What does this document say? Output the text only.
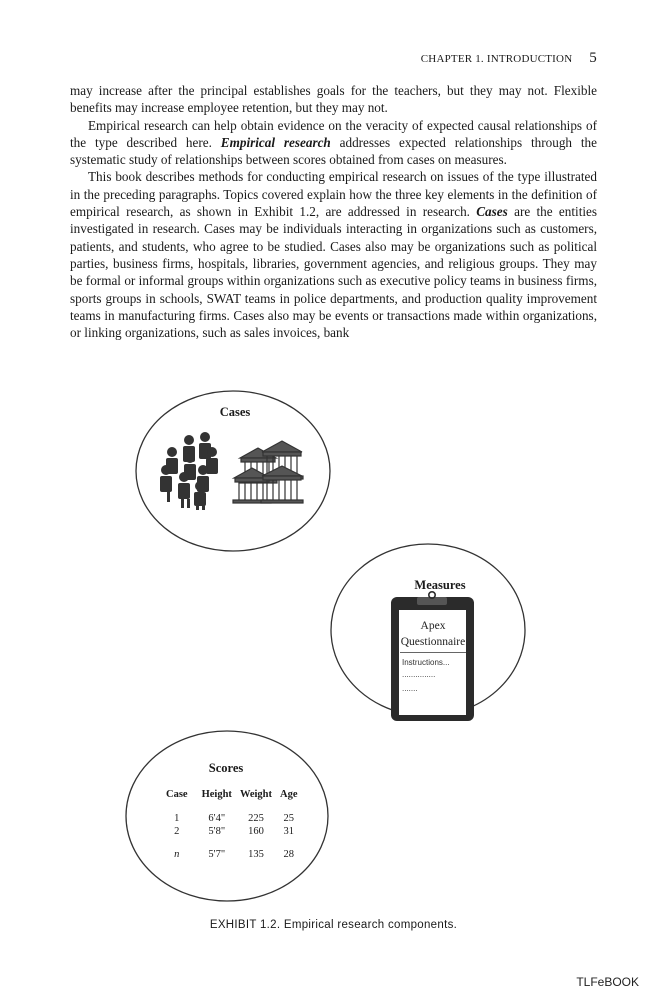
CHAPTER 1. INTRODUCTION 5

may increase after the principal establishes goals for the teachers, but they may not. Flexible benefits may increase employee retention, but they may not.

Empirical research can help obtain evidence on the veracity of expected causal relationships of the type described here. Empirical research addresses expected relationships through the systematic study of relationships between scores obtained from cases on measures.

This book describes methods for conducting empirical research on issues of the type illustrated in the preceding paragraphs. Topics covered explain how the three key elements in the definition of empirical research, as shown in Exhibit 1.2, are addressed in research. Cases are the entities investigated in research. Cases may be individuals interacting in organizations such as customers, patients, and students, who agree to be studied. Cases also may be organizations such as political parties, business firms, hospitals, libraries, government agencies, and religious groups. They may be formal or informal groups within organizations such as executive policy teams in business firms, sports groups in schools, SWAT teams in police departments, and production quality improvement teams in manufacturing firms. Cases also may be events or transactions made within organizations, or linking organizations, such as sales invoices, bank

Cases
Measures
Apex
Questionnaire
Instructions...
...............
.......
Scores
Case	Height	Weight	Age

1	6'4"	225	25
2	5'8"	160	31

n	5'7"	135	28
EXHIBIT 1.2. Empirical research components.
TLFeBOOK
